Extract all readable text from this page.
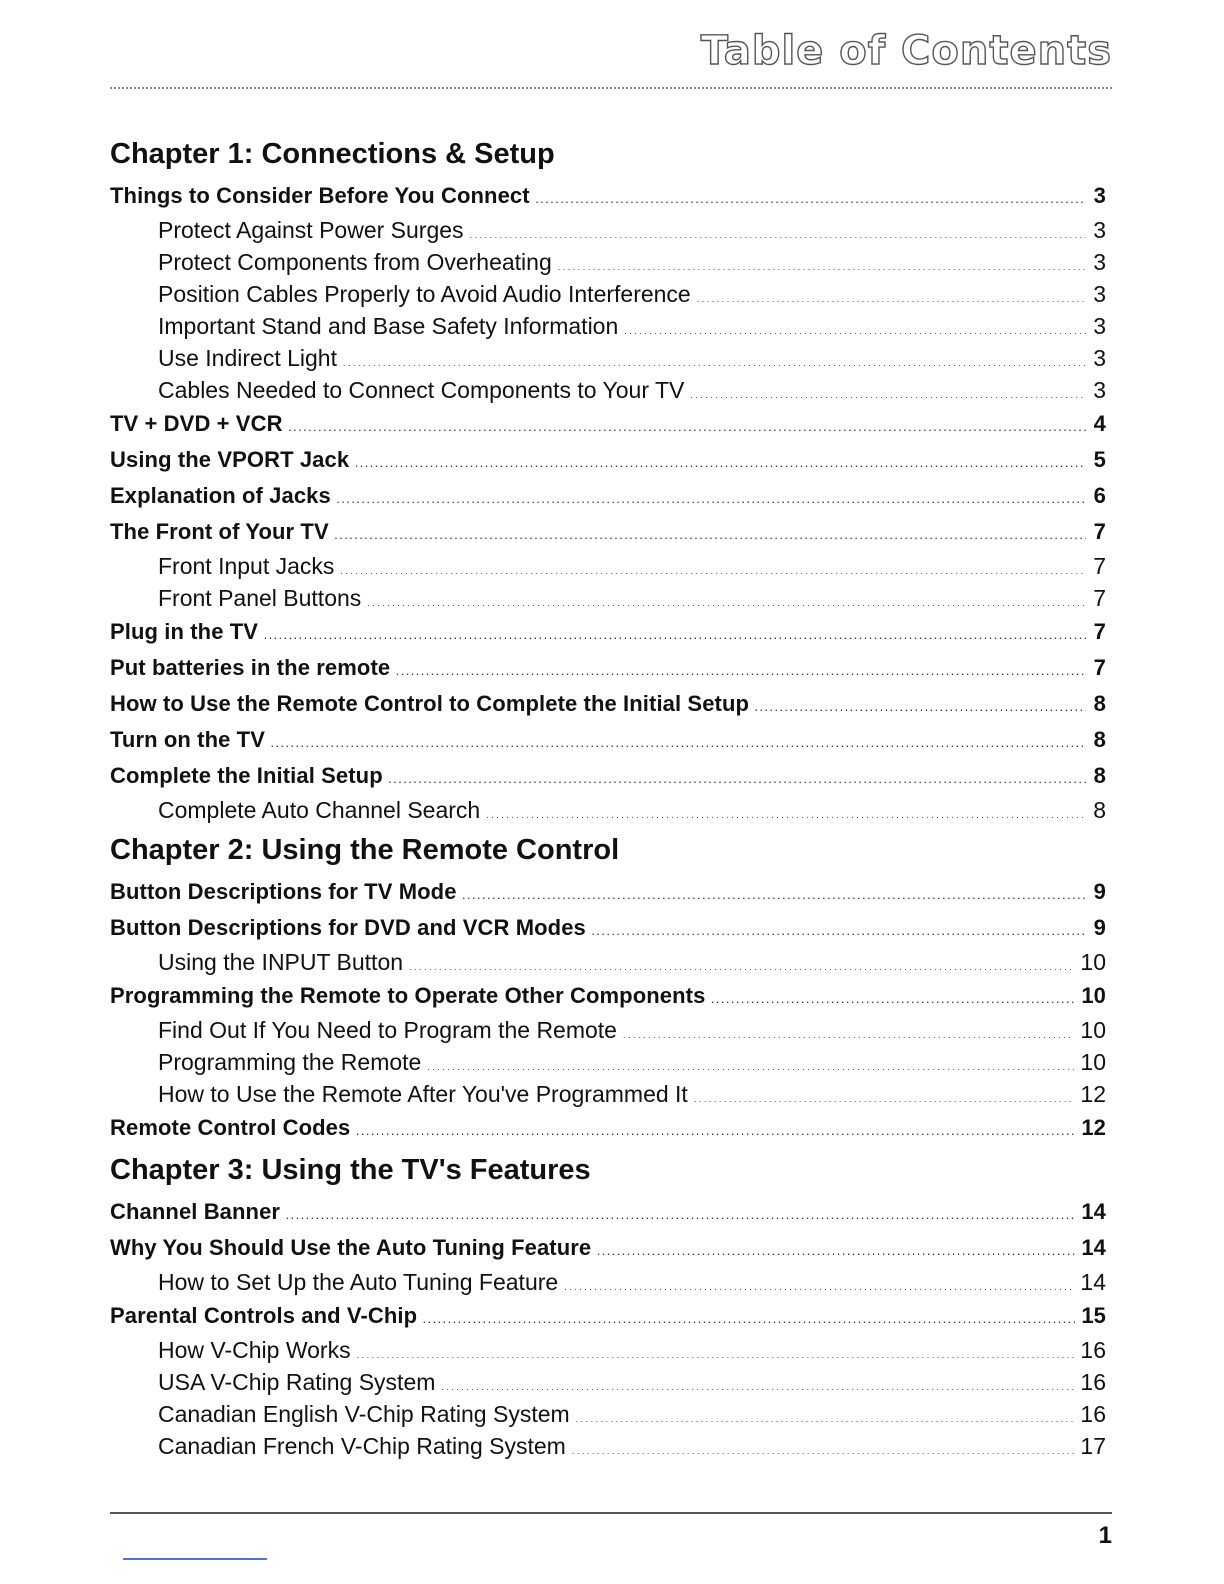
Table of Contents
Chapter 1: Connections & Setup
Things to Consider Before You Connect . . .	3
Protect Against Power Surges . . .	3
Protect Components from Overheating . . .	3
Position Cables Properly to Avoid Audio Interference . . .	3
Important Stand and Base Safety Information . . .	3
Use Indirect Light . . .	3
Cables Needed to Connect Components to Your TV . . .	3
TV + DVD + VCR . . .	4
Using the VPORT Jack . . .	5
Explanation of Jacks . . .	6
The Front of Your TV . . .	7
Front Input Jacks . . .	7
Front Panel Buttons . . .	7
Plug in the TV . . .	7
Put batteries in the remote . . .	7
How to Use the Remote Control to Complete the Initial Setup . . .	8
Turn on the TV . . .	8
Complete the Initial Setup . . .	8
Complete Auto Channel Search . . .	8
Chapter 2: Using the Remote Control
Button Descriptions for TV Mode . . .	9
Button Descriptions for DVD and VCR Modes . . .	9
Using the INPUT Button . . .	10
Programming the Remote to Operate Other Components . . .	10
Find Out If You Need to Program the Remote . . .	10
Programming the Remote . . .	10
How to Use the Remote After You've Programmed It . . .	12
Remote Control Codes . . .	12
Chapter 3: Using the TV's Features
Channel Banner . . .	14
Why You Should Use the Auto Tuning Feature . . .	14
How to Set Up the Auto Tuning Feature . . .	14
Parental Controls and V-Chip . . .	15
How V-Chip Works . . .	16
USA V-Chip Rating System . . .	16
Canadian English V-Chip Rating System . . .	16
Canadian French V-Chip Rating System . . .	17
1
